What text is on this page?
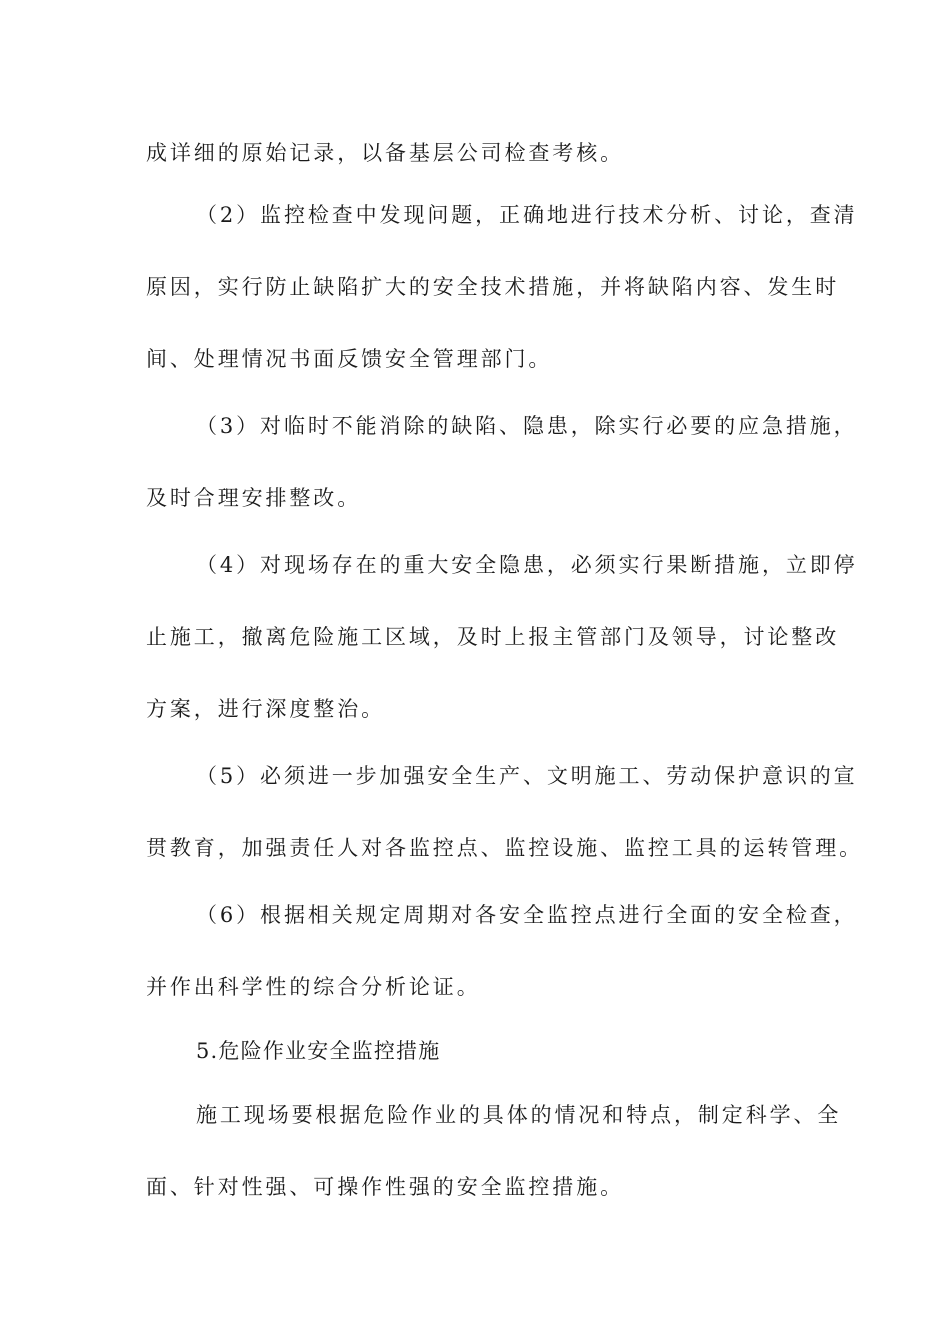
成详细的原始记录，以备基层公司检查考核。
（2）监控检查中发现问题，正确地进行技术分析、讨论，查清
原因，实行防止缺陷扩大的安全技术措施，并将缺陷内容、发生时
间、处理情况书面反馈安全管理部门。
（3）对临时不能消除的缺陷、隐患，除实行必要的应急措施，
及时合理安排整改。
（4）对现场存在的重大安全隐患，必须实行果断措施，立即停
止施工，撤离危险施工区域，及时上报主管部门及领导，讨论整改
方案，进行深度整治。
（5）必须进一步加强安全生产、文明施工、劳动保护意识的宣
贯教育，加强责任人对各监控点、监控设施、监控工具的运转管理。
（6）根据相关规定周期对各安全监控点进行全面的安全检查，
并作出科学性的综合分析论证。
5.危险作业安全监控措施
施工现场要根据危险作业的具体的情况和特点，制定科学、全
面、针对性强、可操作性强的安全监控措施。
